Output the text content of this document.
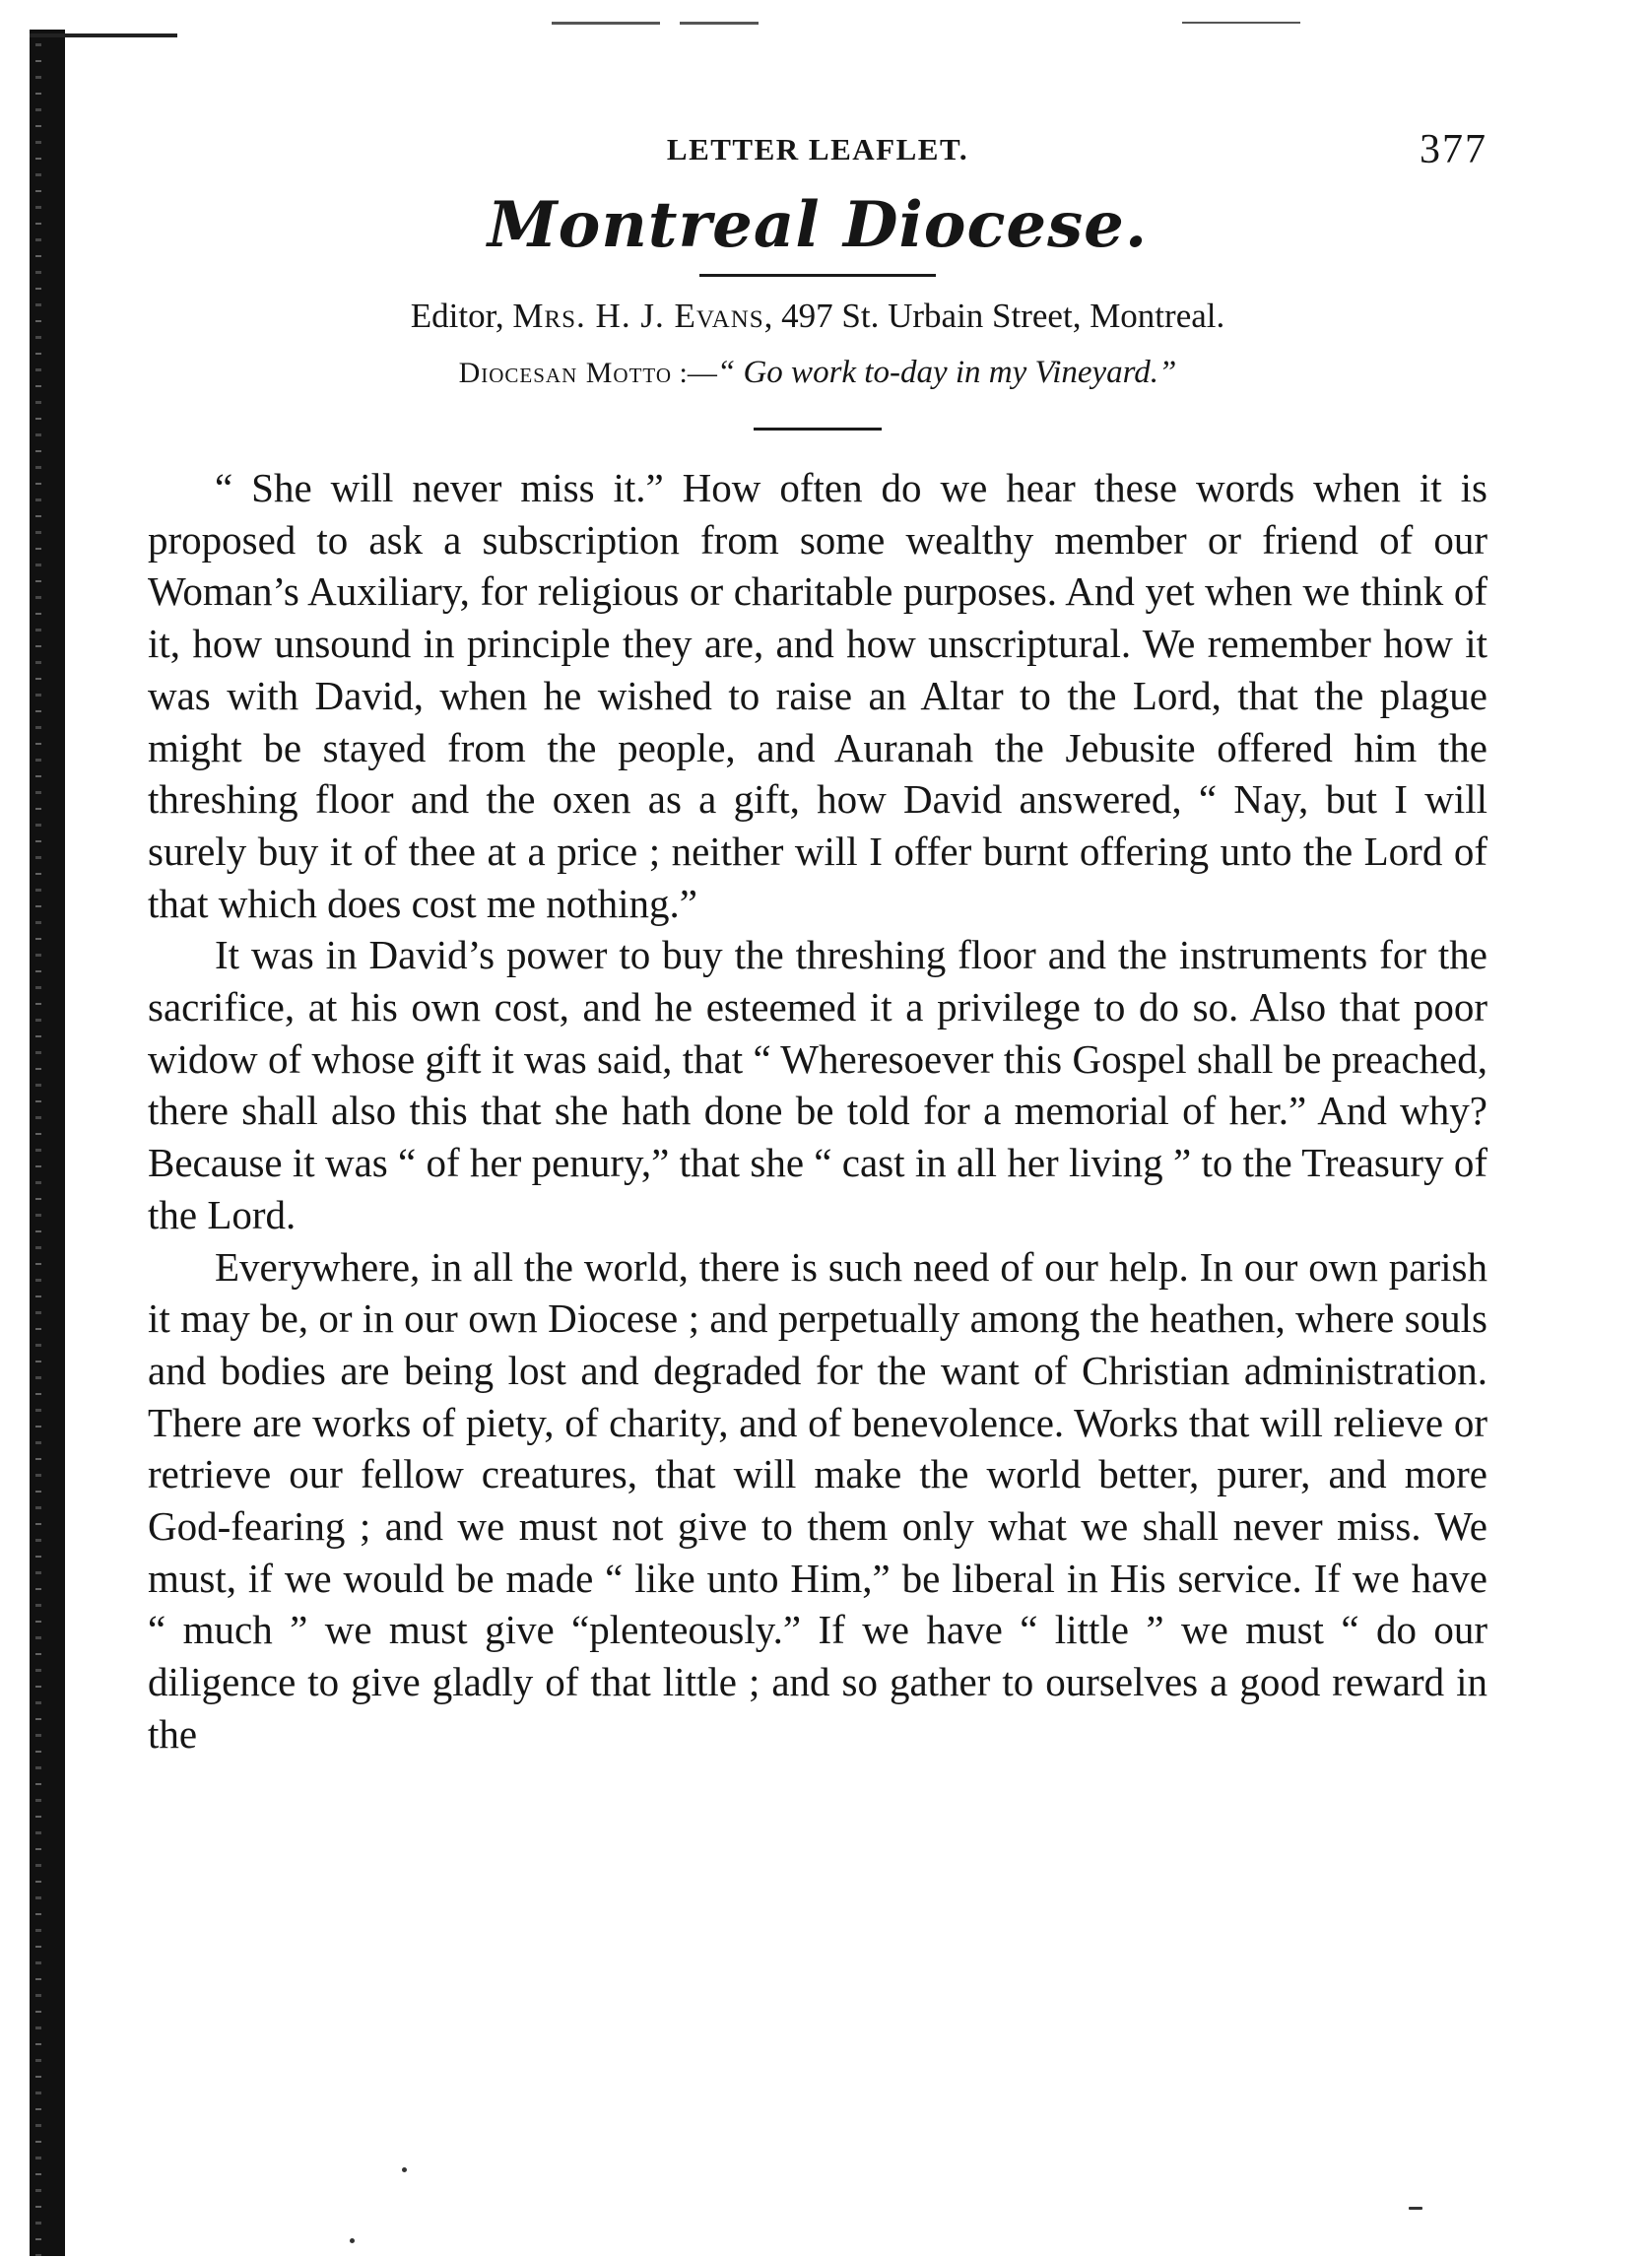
LETTER LEAFLET.	377
Montreal Diocese.
Editor, Mrs. H. J. Evans, 497 St. Urbain Street, Montreal.
Diocesan Motto :—“ Go work to-day in my Vineyard.”

“ She will never miss it.” How often do we hear these words when it is proposed to ask a subscription from some wealthy member or friend of our Woman’s Auxiliary, for religious or charitable purposes. And yet when we think of it, how unsound in principle they are, and how unscriptural. We remember how it was with David, when he wished to raise an Altar to the Lord, that the plague might be stayed from the people, and Auranah the Jebusite offered him the threshing floor and the oxen as a gift, how David answered, “ Nay, but I will surely buy it of thee at a price ; neither will I offer burnt offering unto the Lord of that which does cost me nothing.”

It was in David’s power to buy the threshing floor and the instruments for the sacrifice, at his own cost, and he esteemed it a privilege to do so. Also that poor widow of whose gift it was said, that “ Wheresoever this Gospel shall be preached, there shall also this that she hath done be told for a memorial of her.” And why? Because it was “ of her penury,” that she “ cast in all her living ” to the Treasury of the Lord.

Everywhere, in all the world, there is such need of our help. In our own parish it may be, or in our own Diocese ; and perpetually among the heathen, where souls and bodies are being lost and degraded for the want of Christian administration. There are works of piety, of charity, and of benevolence. Works that will relieve or retrieve our fellow creatures, that will make the world better, purer, and more God-fearing ; and we must not give to them only what we shall never miss. We must, if we would be made “ like unto Him,” be liberal in His service. If we have “ much ” we must give “plenteously.” If we have “ little ” we must “ do our diligence to give gladly of that little ; and so gather to ourselves a good reward in the
